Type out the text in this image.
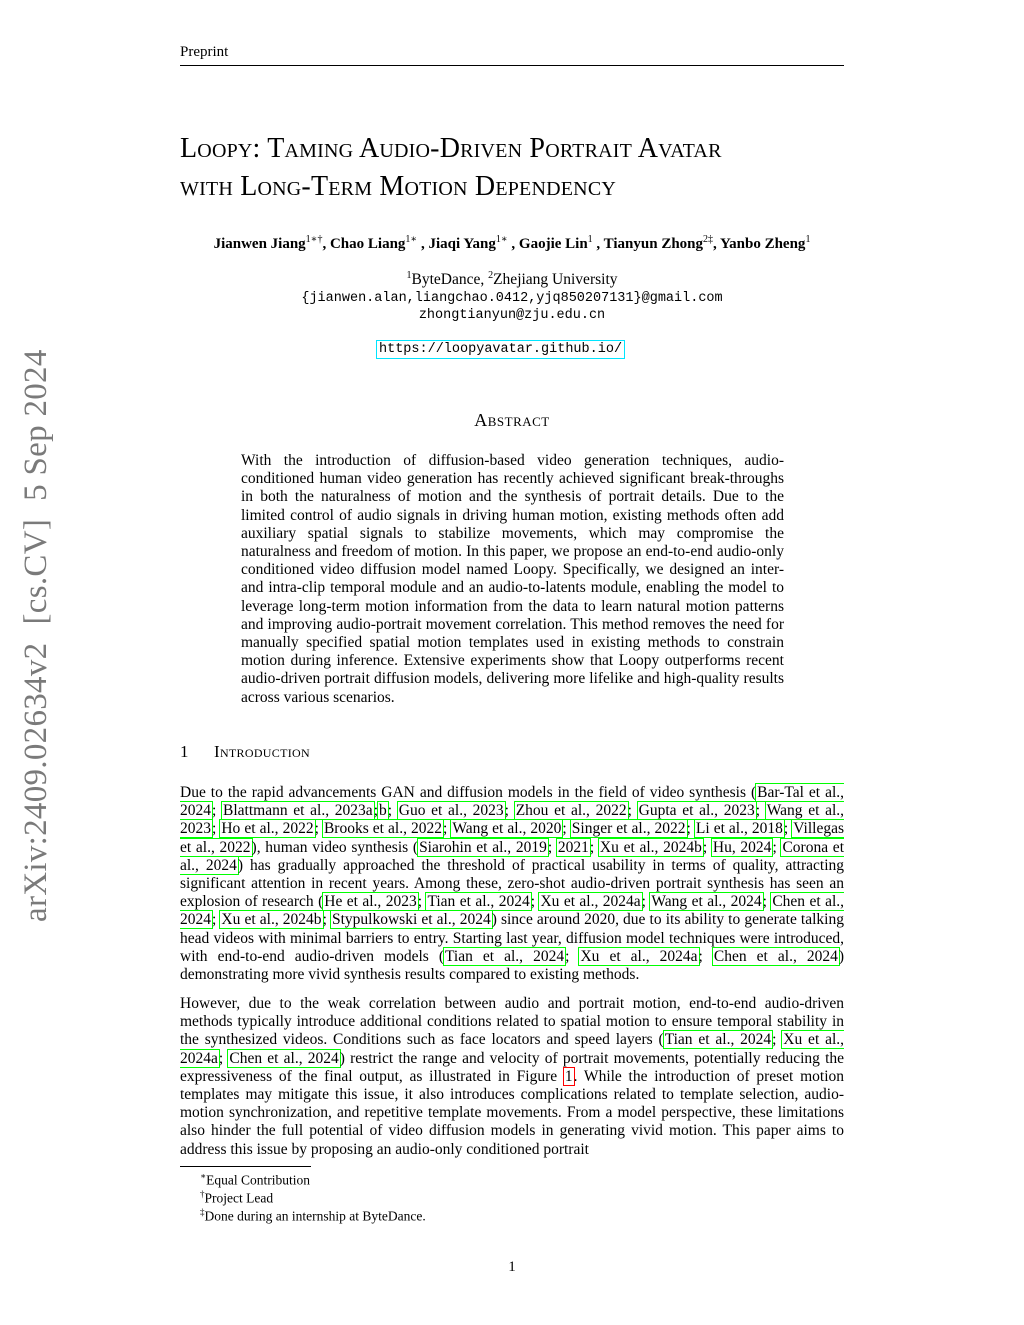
Preprint
arXiv:2409.02634v2[cs.CV]5 Sep 2024
Loopy: Taming Audio-Driven Portrait Avatar
with Long-Term Motion Dependency
Jianwen Jiang$^{1∗\dagger}$, Chao Liang$^{1∗}$ , Jiaqi Yang$^{1∗}$ , Gaojie Lin$^1$ , Tianyun Zhong$^{2\ddagger}$, Yanbo Zheng$^1$
$^1$ByteDance, $^2$Zhejiang University
{jianwen.alan,liangchao.0412,yjq850207131}@gmail.com
zhongtianyun@zju.edu.cn
https://loopyavatar.github.io/
Abstract
With the introduction of diffusion-based video generation techniques, audio-conditioned human video generation has recently achieved significant break-throughs in both the naturalness of motion and the synthesis of portrait details. Due to the limited control of audio signals in driving human motion, existing methods often add auxiliary spatial signals to stabilize movements, which may compromise the naturalness and freedom of motion. In this paper, we propose an end-to-end audio-only conditioned video diffusion model named Loopy. Specifically, we designed an inter- and intra-clip temporal module and an audio-to-latents module, enabling the model to leverage long-term motion information from the data to learn natural motion patterns and improving audio-portrait movement correlation. This method removes the need for manually specified spatial motion templates used in existing methods to constrain motion during inference. Extensive experiments show that Loopy outperforms recent audio-driven portrait diffusion models, delivering more lifelike and high-quality results across various scenarios.
1 Introduction
Due to the rapid advancements GAN and diffusion models in the field of video synthesis (Bar-Tal et al., 2024; Blattmann et al., 2023a;b; Guo et al., 2023; Zhou et al., 2022; Gupta et al., 2023; Wang et al., 2023; Ho et al., 2022; Brooks et al., 2022; Wang et al., 2020; Singer et al., 2022; Li et al., 2018; Villegas et al., 2022), human video synthesis (Siarohin et al., 2019; 2021; Xu et al., 2024b; Hu, 2024; Corona et al., 2024) has gradually approached the threshold of practical usability in terms of quality, attracting significant attention in recent years. Among these, zero-shot audio-driven portrait synthesis has seen an explosion of research (He et al., 2023; Tian et al., 2024; Xu et al., 2024a; Wang et al., 2024; Chen et al., 2024; Xu et al., 2024b; Stypulkowski et al., 2024) since around 2020, due to its ability to generate talking head videos with minimal barriers to entry. Starting last year, diffusion model techniques were introduced, with end-to-end audio-driven models (Tian et al., 2024; Xu et al., 2024a; Chen et al., 2024) demonstrating more vivid synthesis results compared to existing methods.
However, due to the weak correlation between audio and portrait motion, end-to-end audio-driven methods typically introduce additional conditions related to spatial motion to ensure temporal stability in the synthesized videos. Conditions such as face locators and speed layers (Tian et al., 2024; Xu et al., 2024a; Chen et al., 2024) restrict the range and velocity of portrait movements, potentially reducing the expressiveness of the final output, as illustrated in Figure 1. While the introduction of preset motion templates may mitigate this issue, it also introduces complications related to template selection, audio-motion synchronization, and repetitive template movements. From a model perspective, these limitations also hinder the full potential of video diffusion models in generating vivid motion. This paper aims to address this issue by proposing an audio-only conditioned portrait
∗Equal Contribution
†Project Lead
‡Done during an internship at ByteDance.
1
